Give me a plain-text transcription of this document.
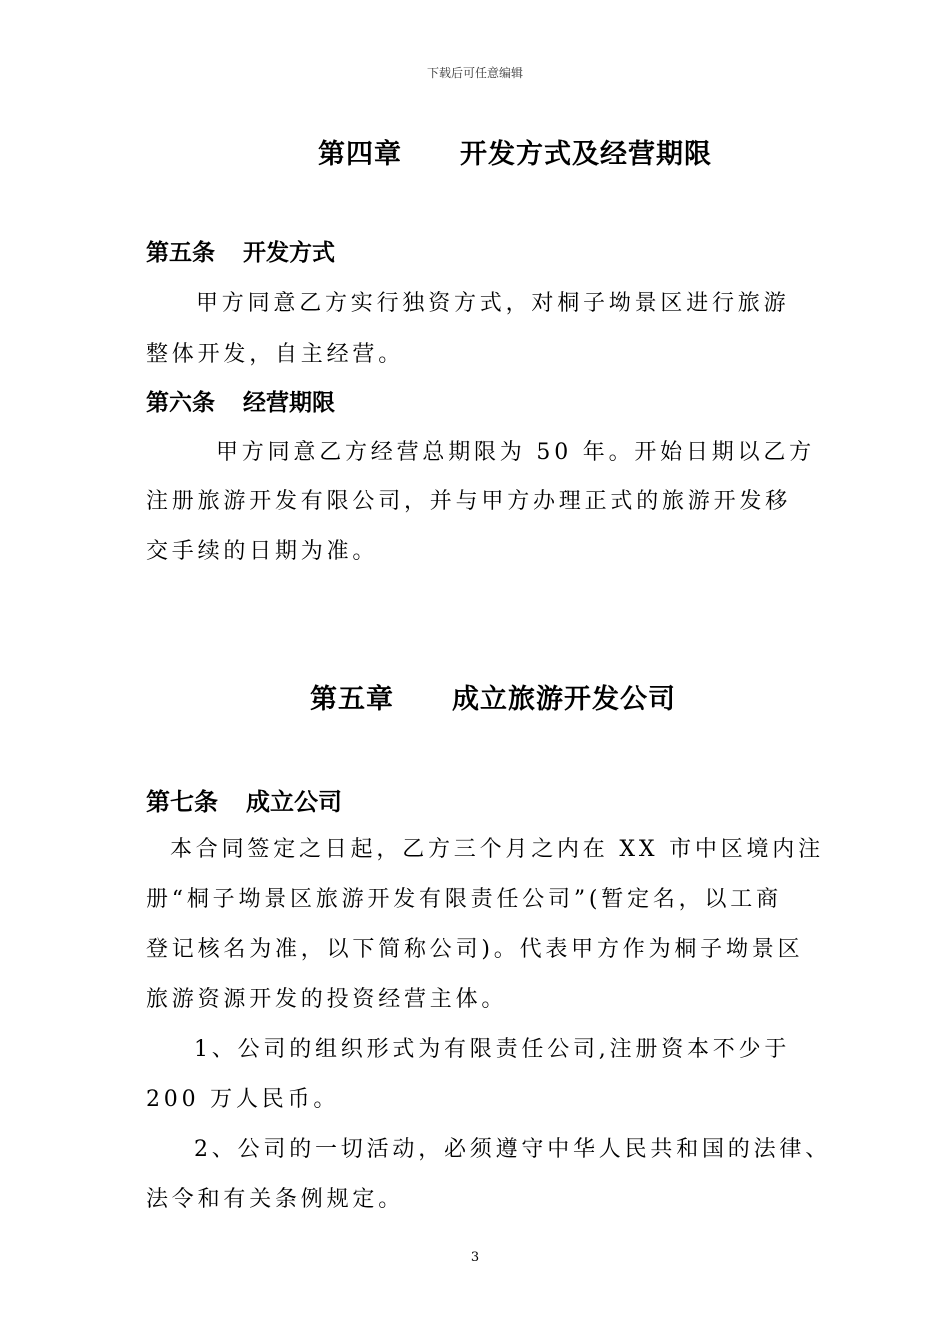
下载后可任意编辑
第四章 开发方式及经营期限
第五条 开发方式
甲方同意乙方实行独资方式，对桐子坳景区进行旅游
整体开发，自主经营。
第六条 经营期限
甲方同意乙方经营总期限为 50 年。开始日期以乙方
注册旅游开发有限公司，并与甲方办理正式的旅游开发移
交手续的日期为准。
第五章 成立旅游开发公司
第七条 成立公司
本合同签定之日起，乙方三个月之内在 XX 市中区境内注
册“桐子坳景区旅游开发有限责任公司”(暂定名，以工商
登记核名为准，以下简称公司)。代表甲方作为桐子坳景区
旅游资源开发的投资经营主体。
1、公司的组织形式为有限责任公司,注册资本不少于
200 万人民币。
2、公司的一切活动，必须遵守中华人民共和国的法律、
法令和有关条例规定。
3
